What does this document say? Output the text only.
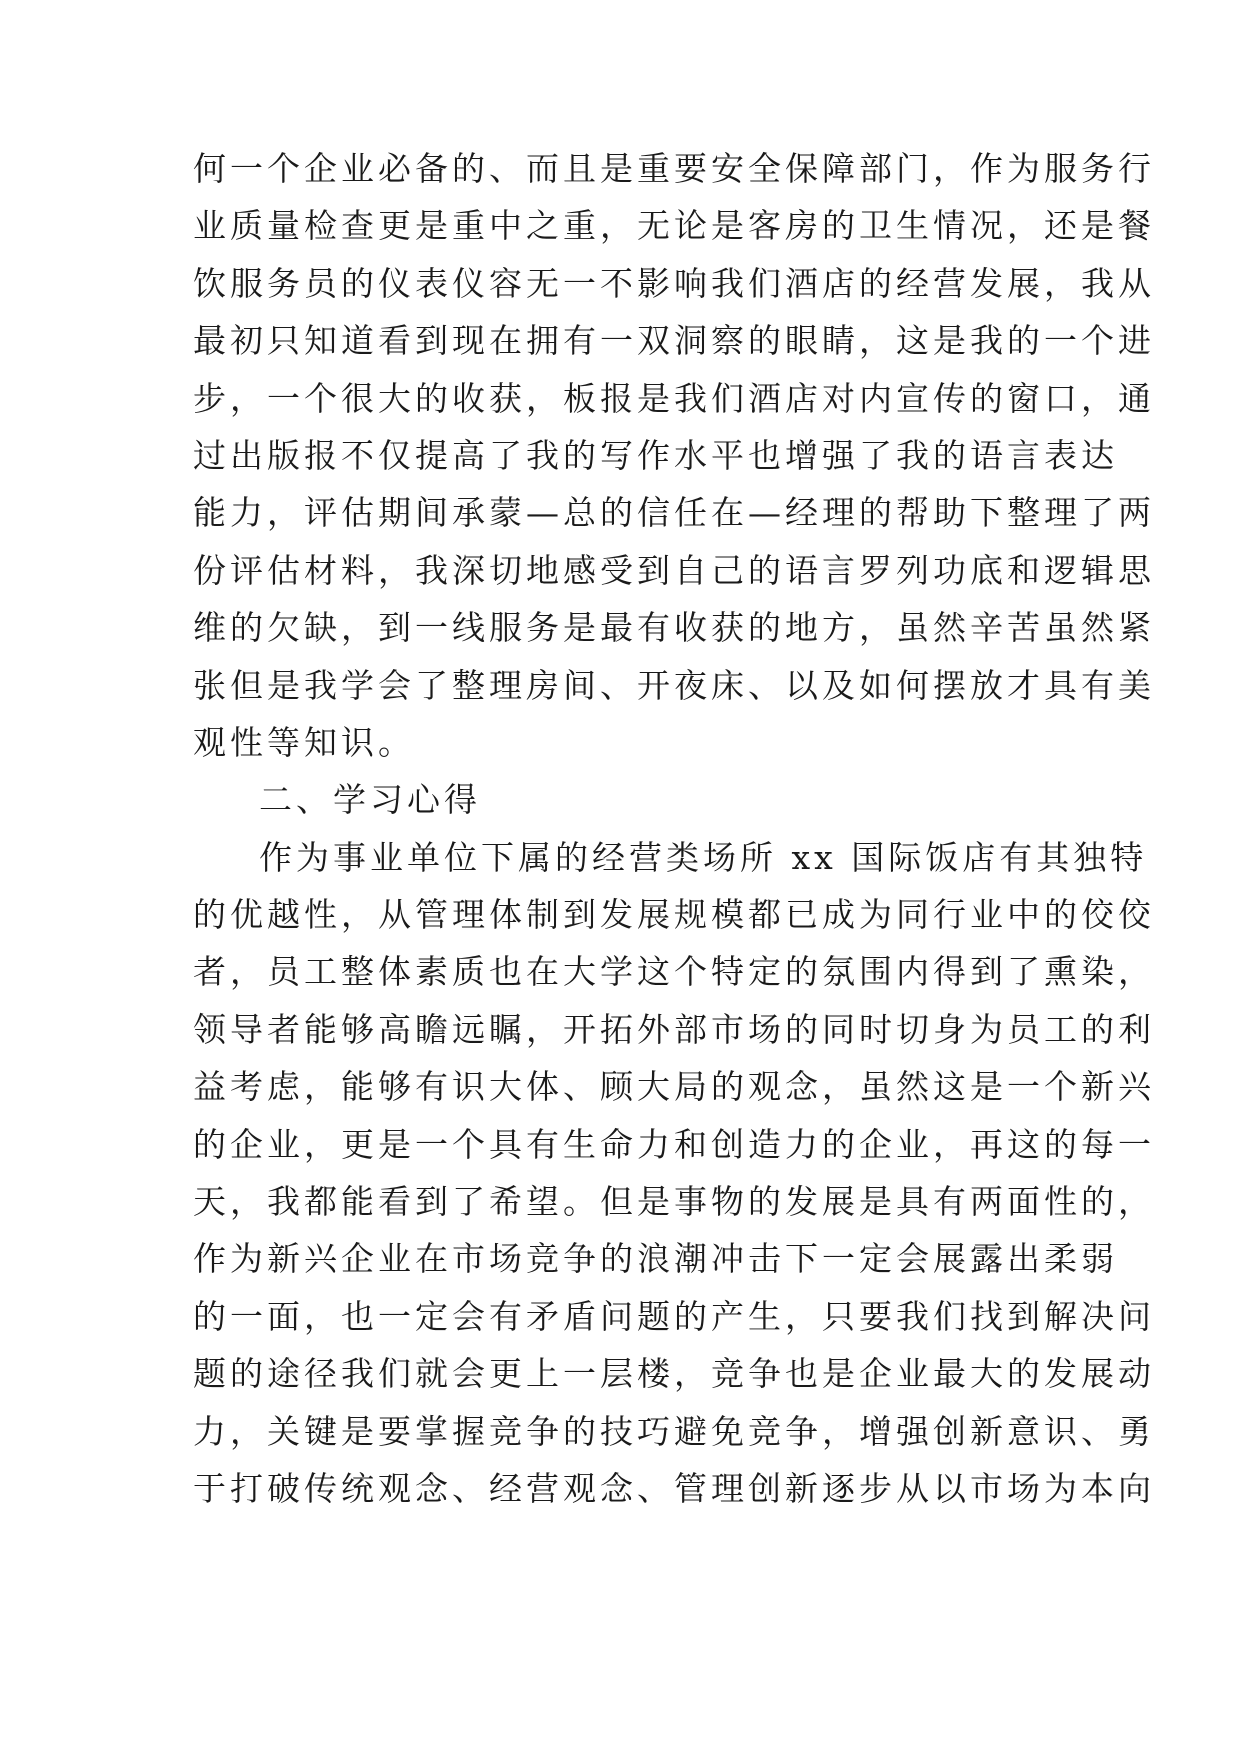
何一个企业必备的、而且是重要安全保障部门，作为服务行
业质量检查更是重中之重，无论是客房的卫生情况，还是餐
饮服务员的仪表仪容无一不影响我们酒店的经营发展，我从
最初只知道看到现在拥有一双洞察的眼睛，这是我的一个进
步，一个很大的收获，板报是我们酒店对内宣传的窗口，通
过出版报不仅提高了我的写作水平也增强了我的语言表达
能力，评估期间承蒙—总的信任在—经理的帮助下整理了两
份评估材料，我深切地感受到自己的语言罗列功底和逻辑思
维的欠缺，到一线服务是最有收获的地方，虽然辛苦虽然紧
张但是我学会了整理房间、开夜床、以及如何摆放才具有美
观性等知识。
二、学习心得
作为事业单位下属的经营类场所 xx 国际饭店有其独特
的优越性，从管理体制到发展规模都已成为同行业中的佼佼
者，员工整体素质也在大学这个特定的氛围内得到了熏染，
领导者能够高瞻远瞩，开拓外部市场的同时切身为员工的利
益考虑，能够有识大体、顾大局的观念，虽然这是一个新兴
的企业，更是一个具有生命力和创造力的企业，再这的每一
天，我都能看到了希望。但是事物的发展是具有两面性的，
作为新兴企业在市场竞争的浪潮冲击下一定会展露出柔弱
的一面，也一定会有矛盾问题的产生，只要我们找到解决问
题的途径我们就会更上一层楼，竞争也是企业最大的发展动
力，关键是要掌握竞争的技巧避免竞争，增强创新意识、勇
于打破传统观念、经营观念、管理创新逐步从以市场为本向
